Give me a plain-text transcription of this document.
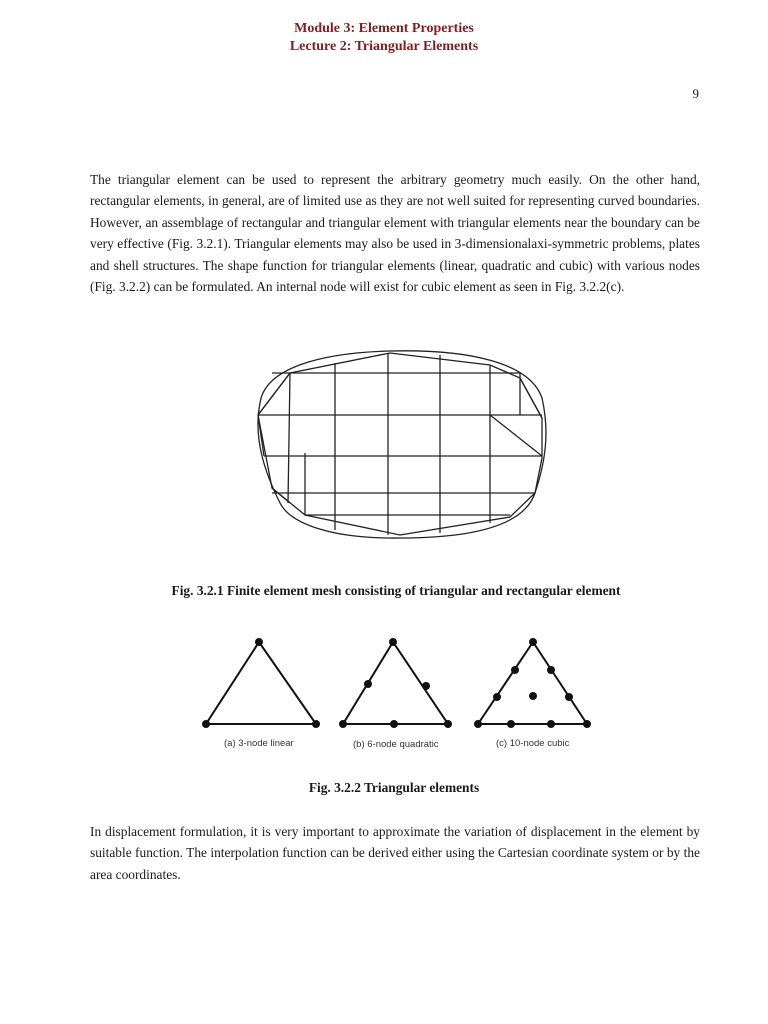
Module 3: Element Properties
Lecture 2: Triangular Elements
9

The triangular element can be used to represent the arbitrary geometry much easily. On the other hand, rectangular elements, in general, are of limited use as they are not well suited for representing curved boundaries. However, an assemblage of rectangular and triangular element with triangular elements near the boundary can be very effective (Fig. 3.2.1). Triangular elements may also be used in 3-dimensionalaxi-symmetric problems, plates and shell structures. The shape function for triangular elements (linear, quadratic and cubic) with various nodes (Fig. 3.2.2) can be formulated. An internal node will exist for cubic element as seen in Fig. 3.2.2(c).

Fig. 3.2.1 Finite element mesh consisting of triangular and rectangular element
(a) 3-node linear	(b) 6-node quadratic	(c) 10-node cubic
Fig. 3.2.2 Triangular elements

In displacement formulation, it is very important to approximate the variation of displacement in the element by suitable function. The interpolation function can be derived either using the Cartesian coordinate system or by the area coordinates.
